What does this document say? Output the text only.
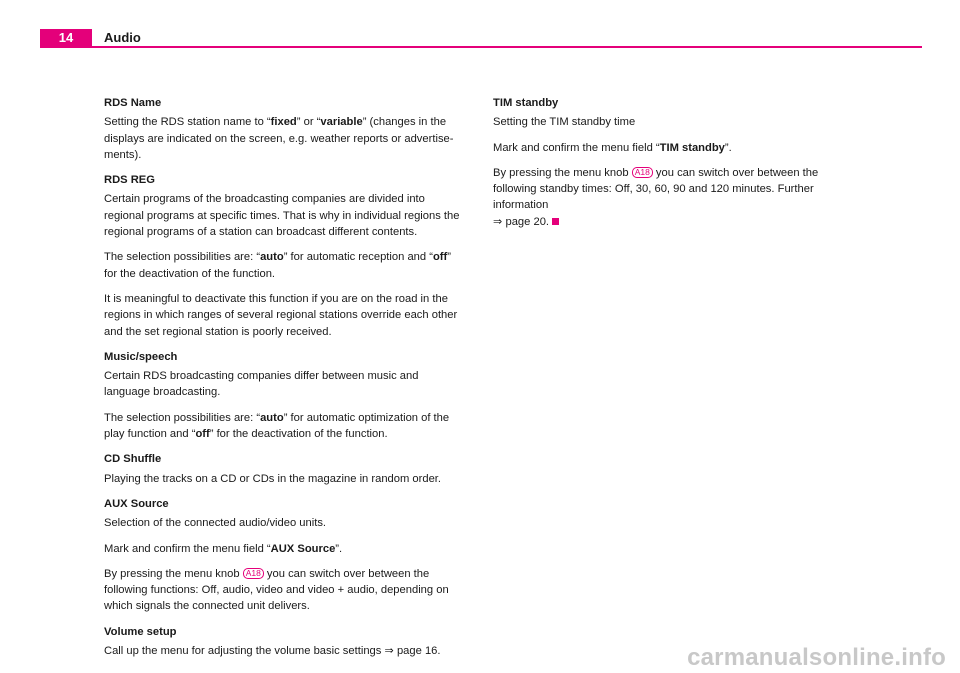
14	Audio
RDS Name

Setting the RDS station name to “fixed” or “variable” (changes in the displays are indicated on the screen, e.g. weather reports or advertise-ments).

RDS REG

Certain programs of the broadcasting companies are divided into regional programs at specific times. That is why in individual regions the regional programs of a station can broadcast different contents.

The selection possibilities are: “auto” for automatic reception and “off” for the deactivation of the function.

It is meaningful to deactivate this function if you are on the road in the regions in which ranges of several regional stations override each other and the set regional station is poorly received.

Music/speech

Certain RDS broadcasting companies differ between music and language broadcasting.

The selection possibilities are: “auto” for automatic optimization of the play function and “off” for the deactivation of the function.

CD Shuffle

Playing the tracks on a CD or CDs in the magazine in random order.

AUX Source

Selection of the connected audio/video units.

Mark and confirm the menu field “AUX Source”.

By pressing the menu knob A18 you can switch over between the following functions: Off, audio, video and video + audio, depending on which signals the connected unit delivers.

Volume setup

Call up the menu for adjusting the volume basic settings ⇒ page 16.

TIM standby

Setting the TIM standby time

Mark and confirm the menu field “TIM standby”.

By pressing the menu knob A18 you can switch over between the following standby times: Off, 30, 60, 90 and 120 minutes. Further information
⇒ page 20.

carmanualsonline.info
